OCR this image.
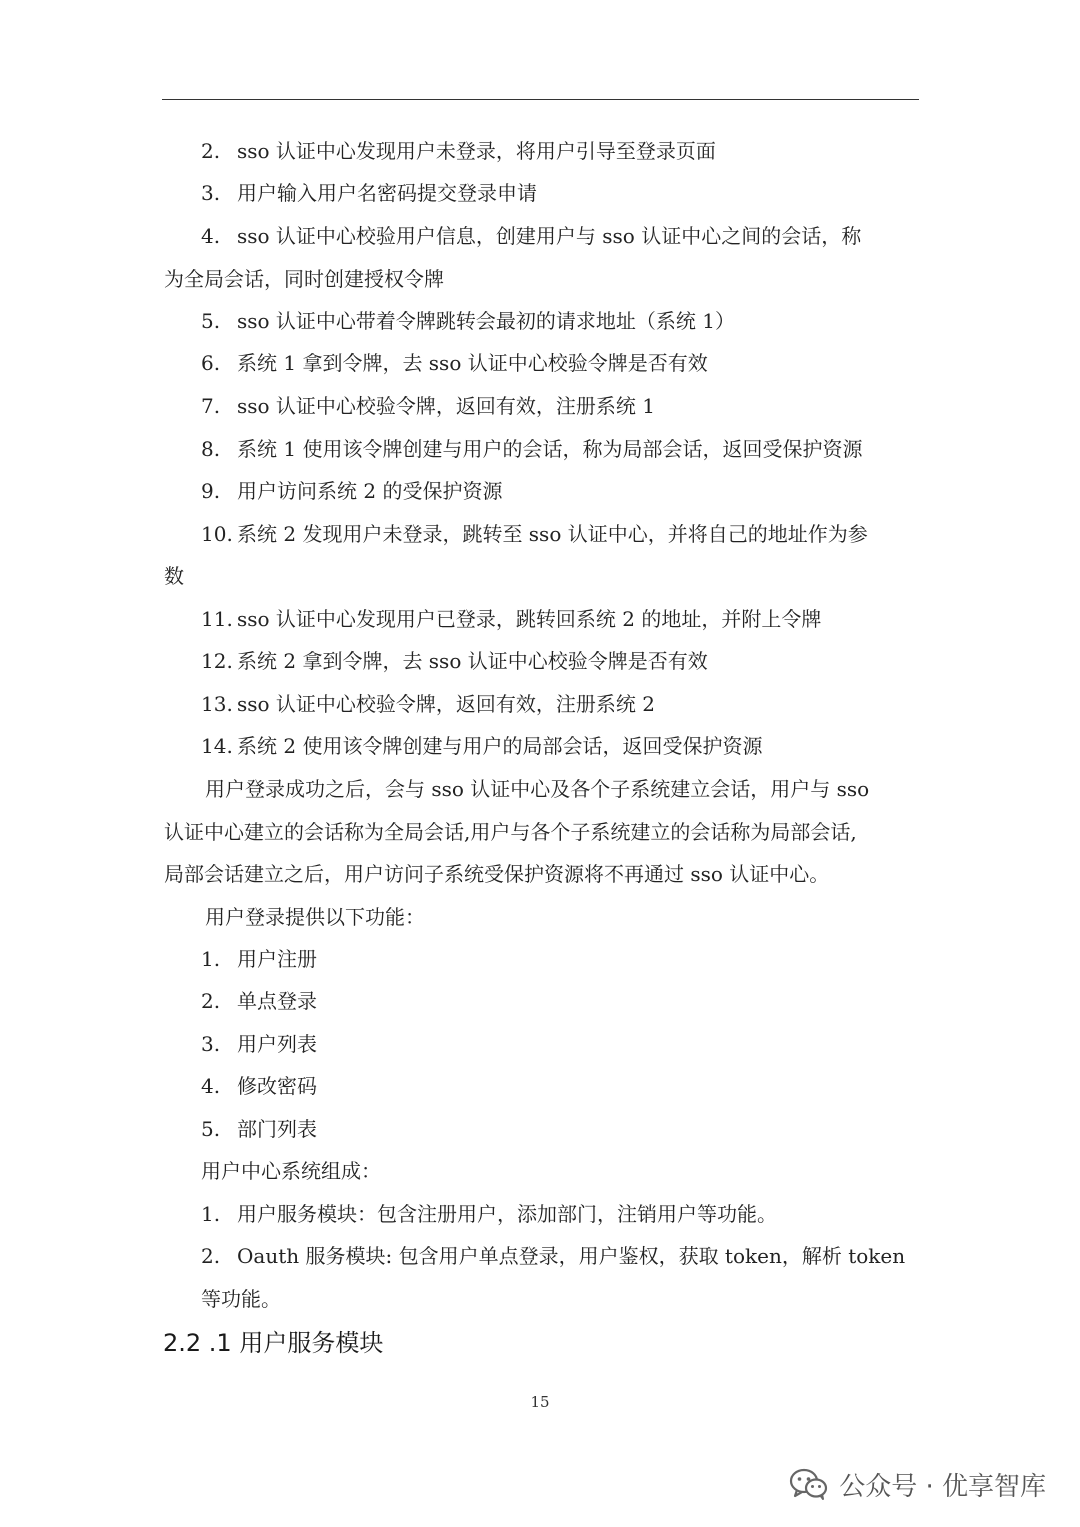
2. sso 认证中心发现用户未登录，将用户引导至登录页面
3. 用户输入用户名密码提交登录申请
4. sso 认证中心校验用户信息，创建用户与 sso 认证中心之间的会话，称
为全局会话，同时创建授权令牌
5. sso 认证中心带着令牌跳转会最初的请求地址（系统 1）
6. 系统 1 拿到令牌，去 sso 认证中心校验令牌是否有效
7. sso 认证中心校验令牌，返回有效，注册系统 1
8. 系统 1 使用该令牌创建与用户的会话，称为局部会话，返回受保护资源
9. 用户访问系统 2 的受保护资源
10. 系统 2 发现用户未登录，跳转至 sso 认证中心，并将自己的地址作为参
数
11. sso 认证中心发现用户已登录，跳转回系统 2 的地址，并附上令牌
12. 系统 2 拿到令牌，去 sso 认证中心校验令牌是否有效
13. sso 认证中心校验令牌，返回有效，注册系统 2
14. 系统 2 使用该令牌创建与用户的局部会话，返回受保护资源
用户登录成功之后，会与 sso 认证中心及各个子系统建立会话，用户与 sso
认证中心建立的会话称为全局会话,用户与各个子系统建立的会话称为局部会话,
局部会话建立之后，用户访问子系统受保护资源将不再通过 sso 认证中心。
用户登录提供以下功能：
1. 用户注册
2. 单点登录
3. 用户列表
4. 修改密码
5. 部门列表
用户中心系统组成：
1. 用户服务模块：包含注册用户，添加部门，注销用户等功能。
2. Oauth 服务模块: 包含用户单点登录，用户鉴权，获取 token，解析 token
等功能。
2.2 .1 用户服务模块
15
公众号 · 优享智库
